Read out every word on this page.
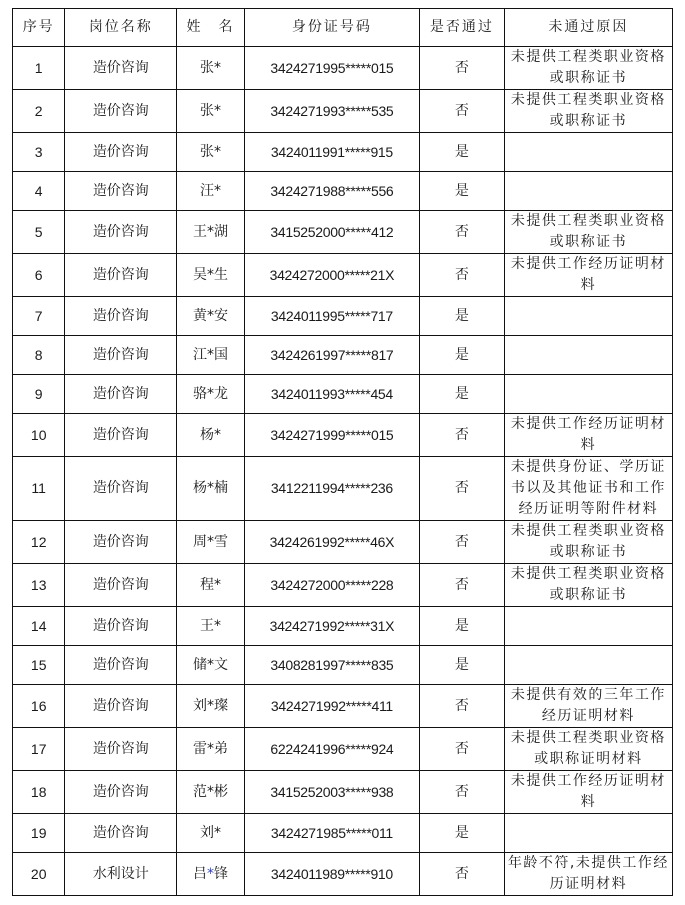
序号	岗位名称	姓　名	身份证号码	是否通过	未通过原因
1	造价咨询	张*	3424271995*****015	否	未提供工程类职业资格或职称证书
2	造价咨询	张*	3424271993*****535	否	未提供工程类职业资格或职称证书
3	造价咨询	张*	3424011991*****915	是	
4	造价咨询	汪*	3424271988*****556	是	
5	造价咨询	王*湖	3415252000*****412	否	未提供工程类职业资格或职称证书
6	造价咨询	吴*生	3424272000*****21X	否	未提供工作经历证明材料
7	造价咨询	黄*安	3424011995*****717	是	
8	造价咨询	江*国	3424261997*****817	是	
9	造价咨询	骆*龙	3424011993*****454	是	
10	造价咨询	杨*	3424271999*****015	否	未提供工作经历证明材料
11	造价咨询	杨*楠	3412211994*****236	否	未提供身份证、学历证书以及其他证书和工作经历证明等附件材料
12	造价咨询	周*雪	3424261992*****46X	否	未提供工程类职业资格或职称证书
13	造价咨询	程*	3424272000*****228	否	未提供工程类职业资格或职称证书
14	造价咨询	王*	3424271992*****31X	是	
15	造价咨询	储*文	3408281997*****835	是	
16	造价咨询	刘*璨	3424271992*****411	否	未提供有效的三年工作经历证明材料
17	造价咨询	雷*弟	6224241996*****924	否	未提供工程类职业资格或职称证明材料
18	造价咨询	范*彬	3415252003*****938	否	未提供工作经历证明材料
19	造价咨询	刘*	3424271985*****011	是	
20	水利设计	吕*锋	3424011989*****910	否	年龄不符,未提供工作经历证明材料
